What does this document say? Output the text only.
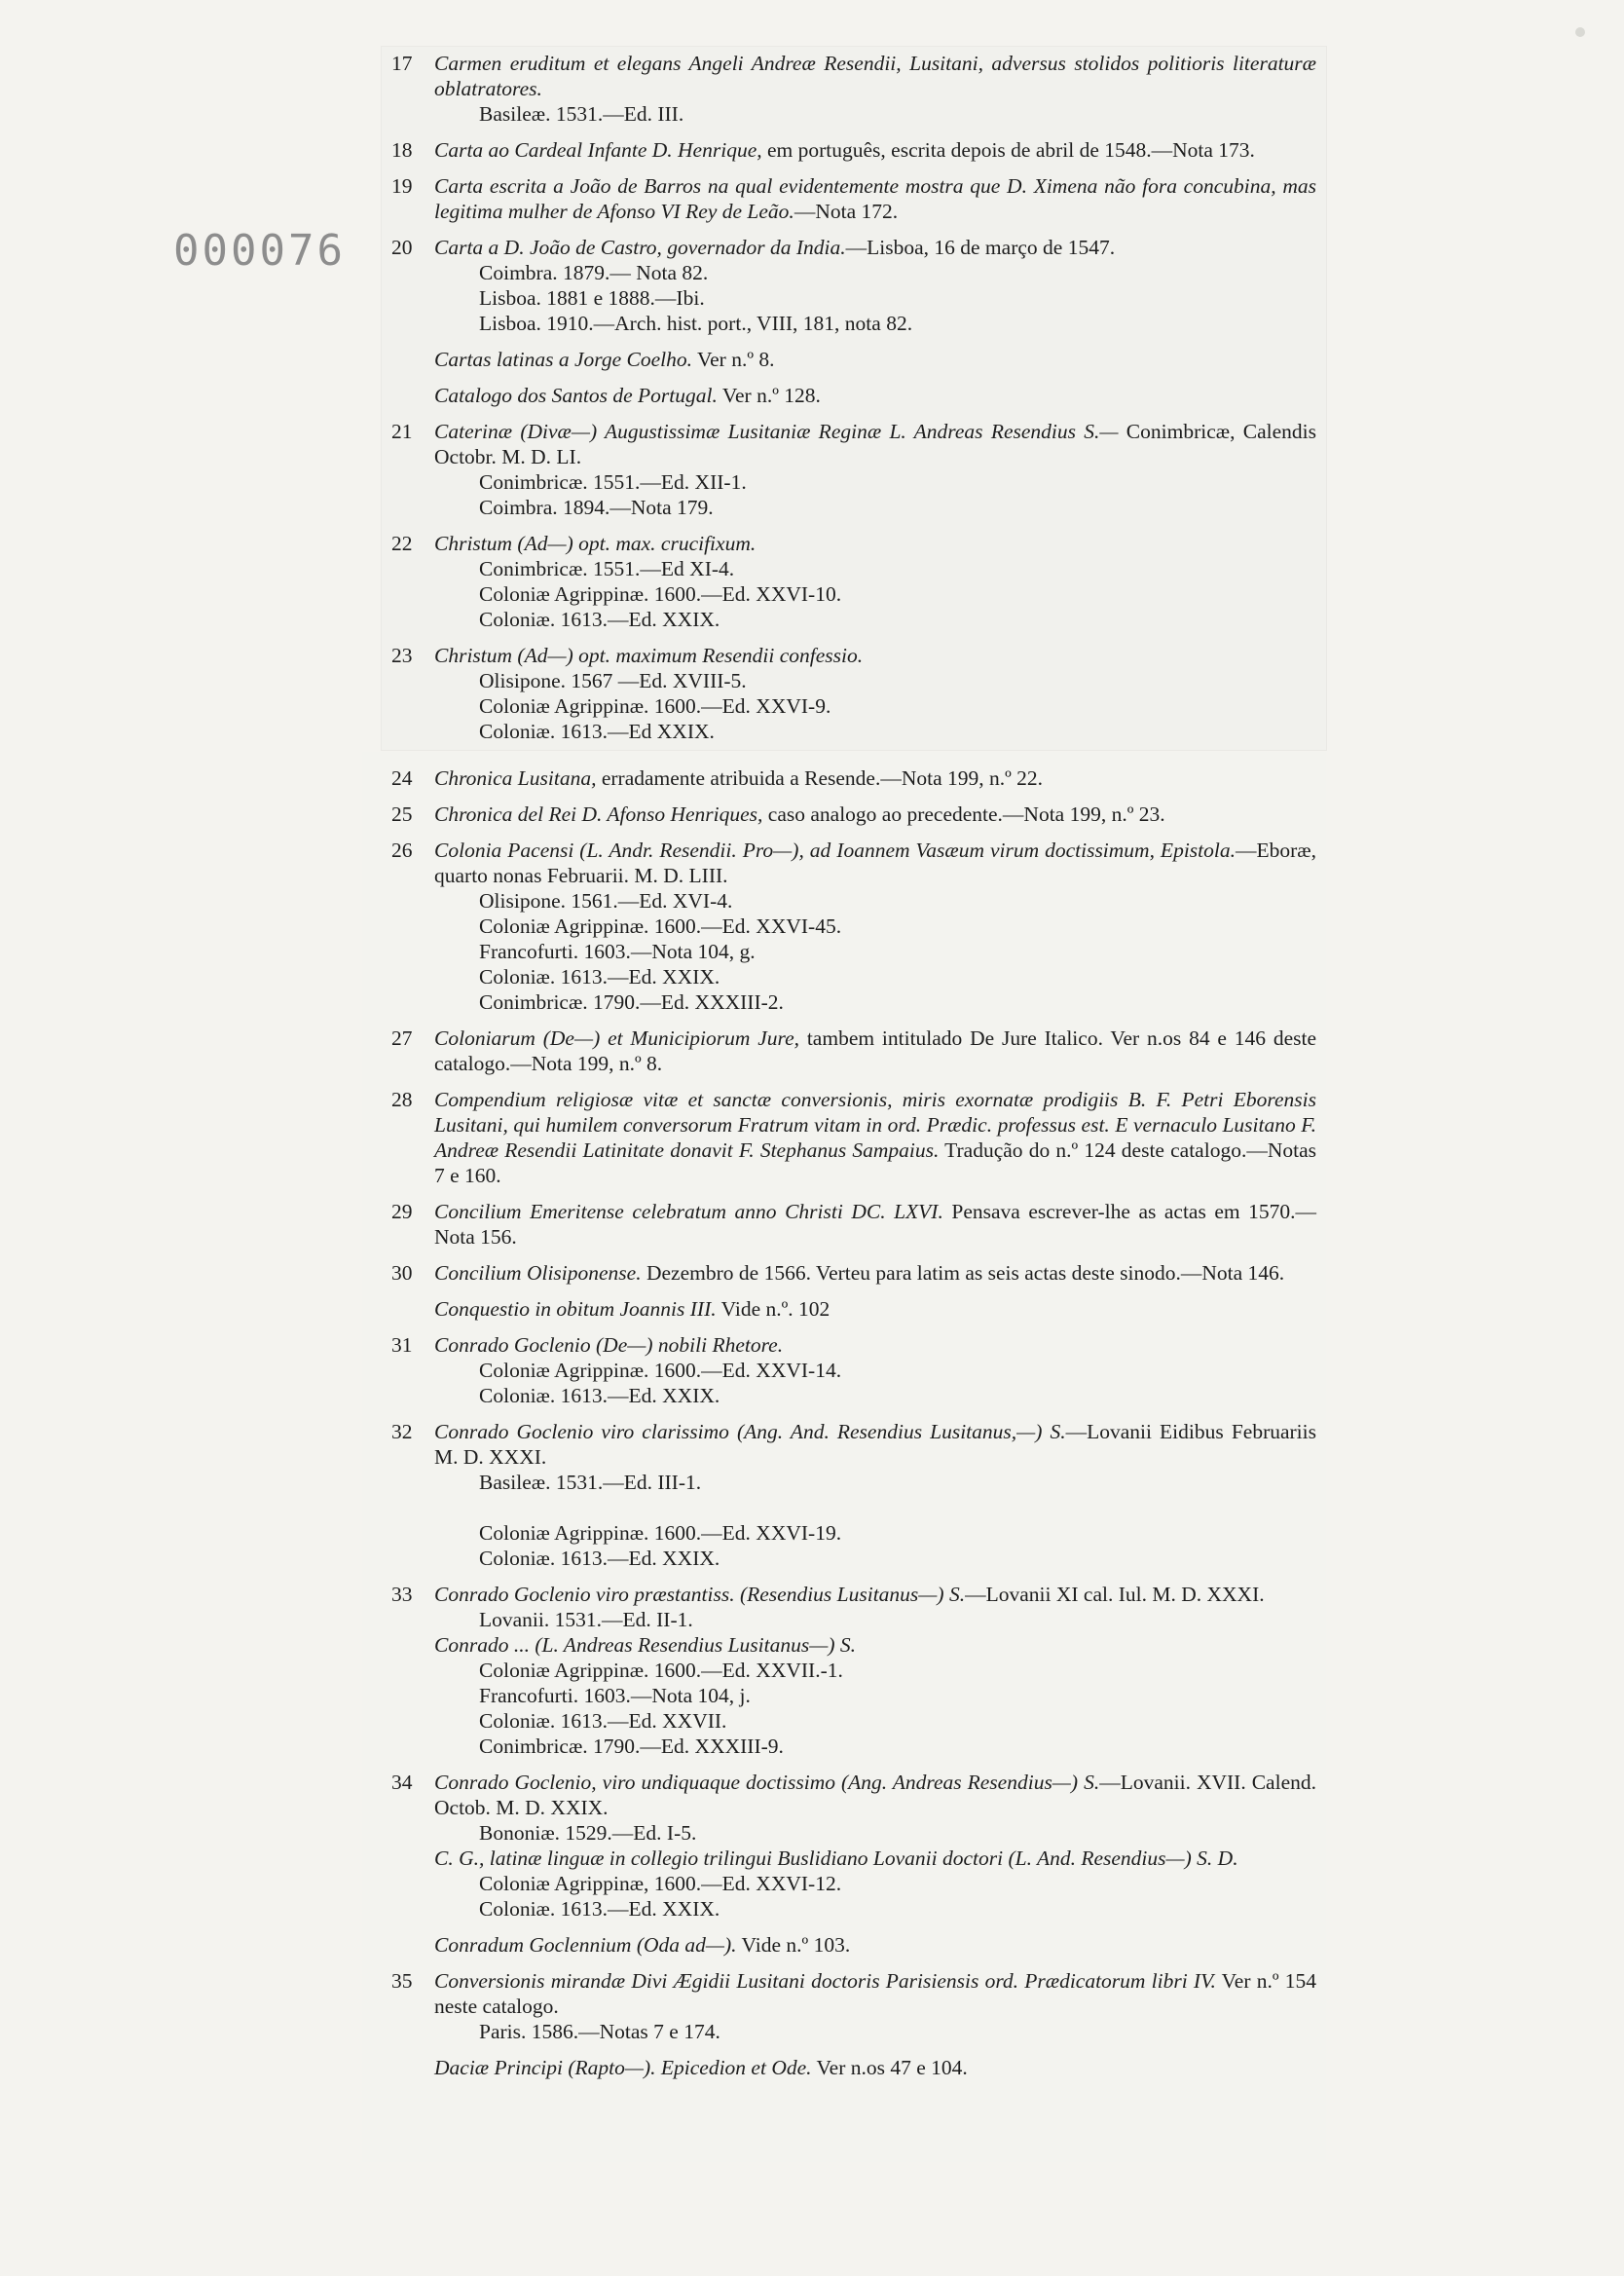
000076
17	Carmen eruditum et elegans Angeli Andreæ Resendii, Lusitani, adversus stolidos politioris literaturæ oblatratores.
Basileæ. 1531.—Ed. III.
18	Carta ao Cardeal Infante D. Henrique, em português, escrita depois de abril de 1548.—Nota 173.
19	Carta escrita a João de Barros na qual evidentemente mostra que D. Ximena não fora concubina, mas legitima mulher de Afonso VI Rey de Leão.—Nota 172.
20	Carta a D. João de Castro, governador da India.—Lisboa, 16 de março de 1547.
Coimbra. 1879.— Nota 82.
Lisboa. 1881 e 1888.—Ibi.
Lisboa. 1910.—Arch. hist. port., VIII, 181, nota 82.
Cartas latinas a Jorge Coelho. Ver n.º 8.
Catalogo dos Santos de Portugal. Ver n.º 128.
21	Caterinæ (Divæ—) Augustissimæ Lusitaniæ Reginæ L. Andreas Resendius S.— Conimbricæ, Calendis Octobr. M. D. LI.
Conimbricæ. 1551.—Ed. XII-1.
Coimbra. 1894.—Nota 179.
22	Christum (Ad—) opt. max. crucifixum.
Conimbricæ. 1551.—Ed XI-4.
Coloniæ Agrippinæ. 1600.—Ed. XXVI-10.
Coloniæ. 1613.—Ed. XXIX.
23	Christum (Ad—) opt. maximum Resendii confessio.
Olisipone. 1567 —Ed. XVIII-5.
Coloniæ Agrippinæ. 1600.—Ed. XXVI-9.
Coloniæ. 1613.—Ed XXIX.
24	Chronica Lusitana, erradamente atribuida a Resende.—Nota 199, n.º 22.
25	Chronica del Rei D. Afonso Henriques, caso analogo ao precedente.—Nota 199, n.º 23.
26	Colonia Pacensi (L. Andr. Resendii. Pro—), ad Ioannem Vasæum virum doctissimum, Epistola.—Eboræ, quarto nonas Februarii. M. D. LIII.
Olisipone. 1561.—Ed. XVI-4.
Coloniæ Agrippinæ. 1600.—Ed. XXVI-45.
Francofurti. 1603.—Nota 104, g.
Coloniæ. 1613.—Ed. XXIX.
Conimbricæ. 1790.—Ed. XXXIII-2.
27	Coloniarum (De—) et Municipiorum Jure, tambem intitulado De Jure Italico. Ver n.os 84 e 146 deste catalogo.—Nota 199, n.º 8.
28	Compendium religiosæ vitæ et sanctæ conversionis, miris exornatæ prodigiis B. F. Petri Eborensis Lusitani, qui humilem conversorum Fratrum vitam in ord. Prædic. professus est. E vernaculo Lusitano F. Andreæ Resendii Latinitate donavit F. Stephanus Sampaius. Tradução do n.º 124 deste catalogo.—Notas 7 e 160.
29	Concilium Emeritense celebratum anno Christi DC. LXVI. Pensava escrever-lhe as actas em 1570.—Nota 156.
30	Concilium Olisiponense. Dezembro de 1566. Verteu para latim as seis actas deste sinodo.—Nota 146.
Conquestio in obitum Joannis III. Vide n.º. 102
31	Conrado Goclenio (De—) nobili Rhetore.
Coloniæ Agrippinæ. 1600.—Ed. XXVI-14.
Coloniæ. 1613.—Ed. XXIX.
32	Conrado Goclenio viro clarissimo (Ang. And. Resendius Lusitanus,—) S.—Lovanii Eidibus Februariis M. D. XXXI.
Basileæ. 1531.—Ed. III-1.

Coloniæ Agrippinæ. 1600.—Ed. XXVI-19.
Coloniæ. 1613.—Ed. XXIX.
33	Conrado Goclenio viro præstantiss. (Resendius Lusitanus—) S.—Lovanii XI cal. Iul. M. D. XXXI.
Lovanii. 1531.—Ed. II-1.
Conrado ... (L. Andreas Resendius Lusitanus—) S.
Coloniæ Agrippinæ. 1600.—Ed. XXVII.-1.
Francofurti. 1603.—Nota 104, j.
Coloniæ. 1613.—Ed. XXVII.
Conimbricæ. 1790.—Ed. XXXIII-9.
34	Conrado Goclenio, viro undiquaque doctissimo (Ang. Andreas Resendius—) S.—Lovanii. XVII. Calend. Octob. M. D. XXIX.
Bononiæ. 1529.—Ed. I-5.
C. G., latinæ linguæ in collegio trilingui Buslidiano Lovanii doctori (L. And. Resendius—) S. D.
Coloniæ Agrippinæ, 1600.—Ed. XXVI-12.
Coloniæ. 1613.—Ed. XXIX.
Conradum Goclennium (Oda ad—). Vide n.º 103.
35	Conversionis mirandæ Divi Ægidii Lusitani doctoris Parisiensis ord. Prædicatorum libri IV. Ver n.º 154 neste catalogo.
Paris. 1586.—Notas 7 e 174.
Daciæ Principi (Rapto—). Epicedion et Ode. Ver n.os 47 e 104.
